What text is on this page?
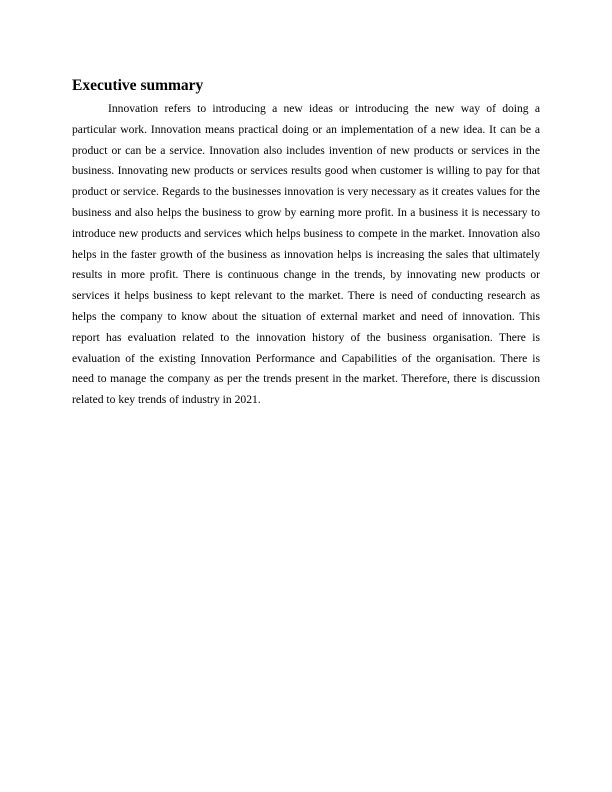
Executive summary

Innovation refers to introducing a new ideas or introducing the new way of doing a particular work. Innovation means practical doing or an implementation of a new idea. It can be a product or can be a service. Innovation also includes invention of new products or services in the business. Innovating new products or services results good when customer is willing to pay for that product or service. Regards to the businesses innovation is very necessary as it creates values for the business and also helps the business to grow by earning more profit. In a business it is necessary to introduce new products and services which helps business to compete in the market. Innovation also helps in the faster growth of the business as innovation helps is increasing the sales that ultimately results in more profit. There is continuous change in the trends, by innovating new products or services it helps business to kept relevant to the market. There is need of conducting research as helps the company to know about the situation of external market and need of innovation. This report has evaluation related to the innovation history of the business organisation. There is evaluation of the existing Innovation Performance and Capabilities of the organisation. There is need to manage the company as per the trends present in the market. Therefore, there is discussion related to key trends of industry in 2021.
